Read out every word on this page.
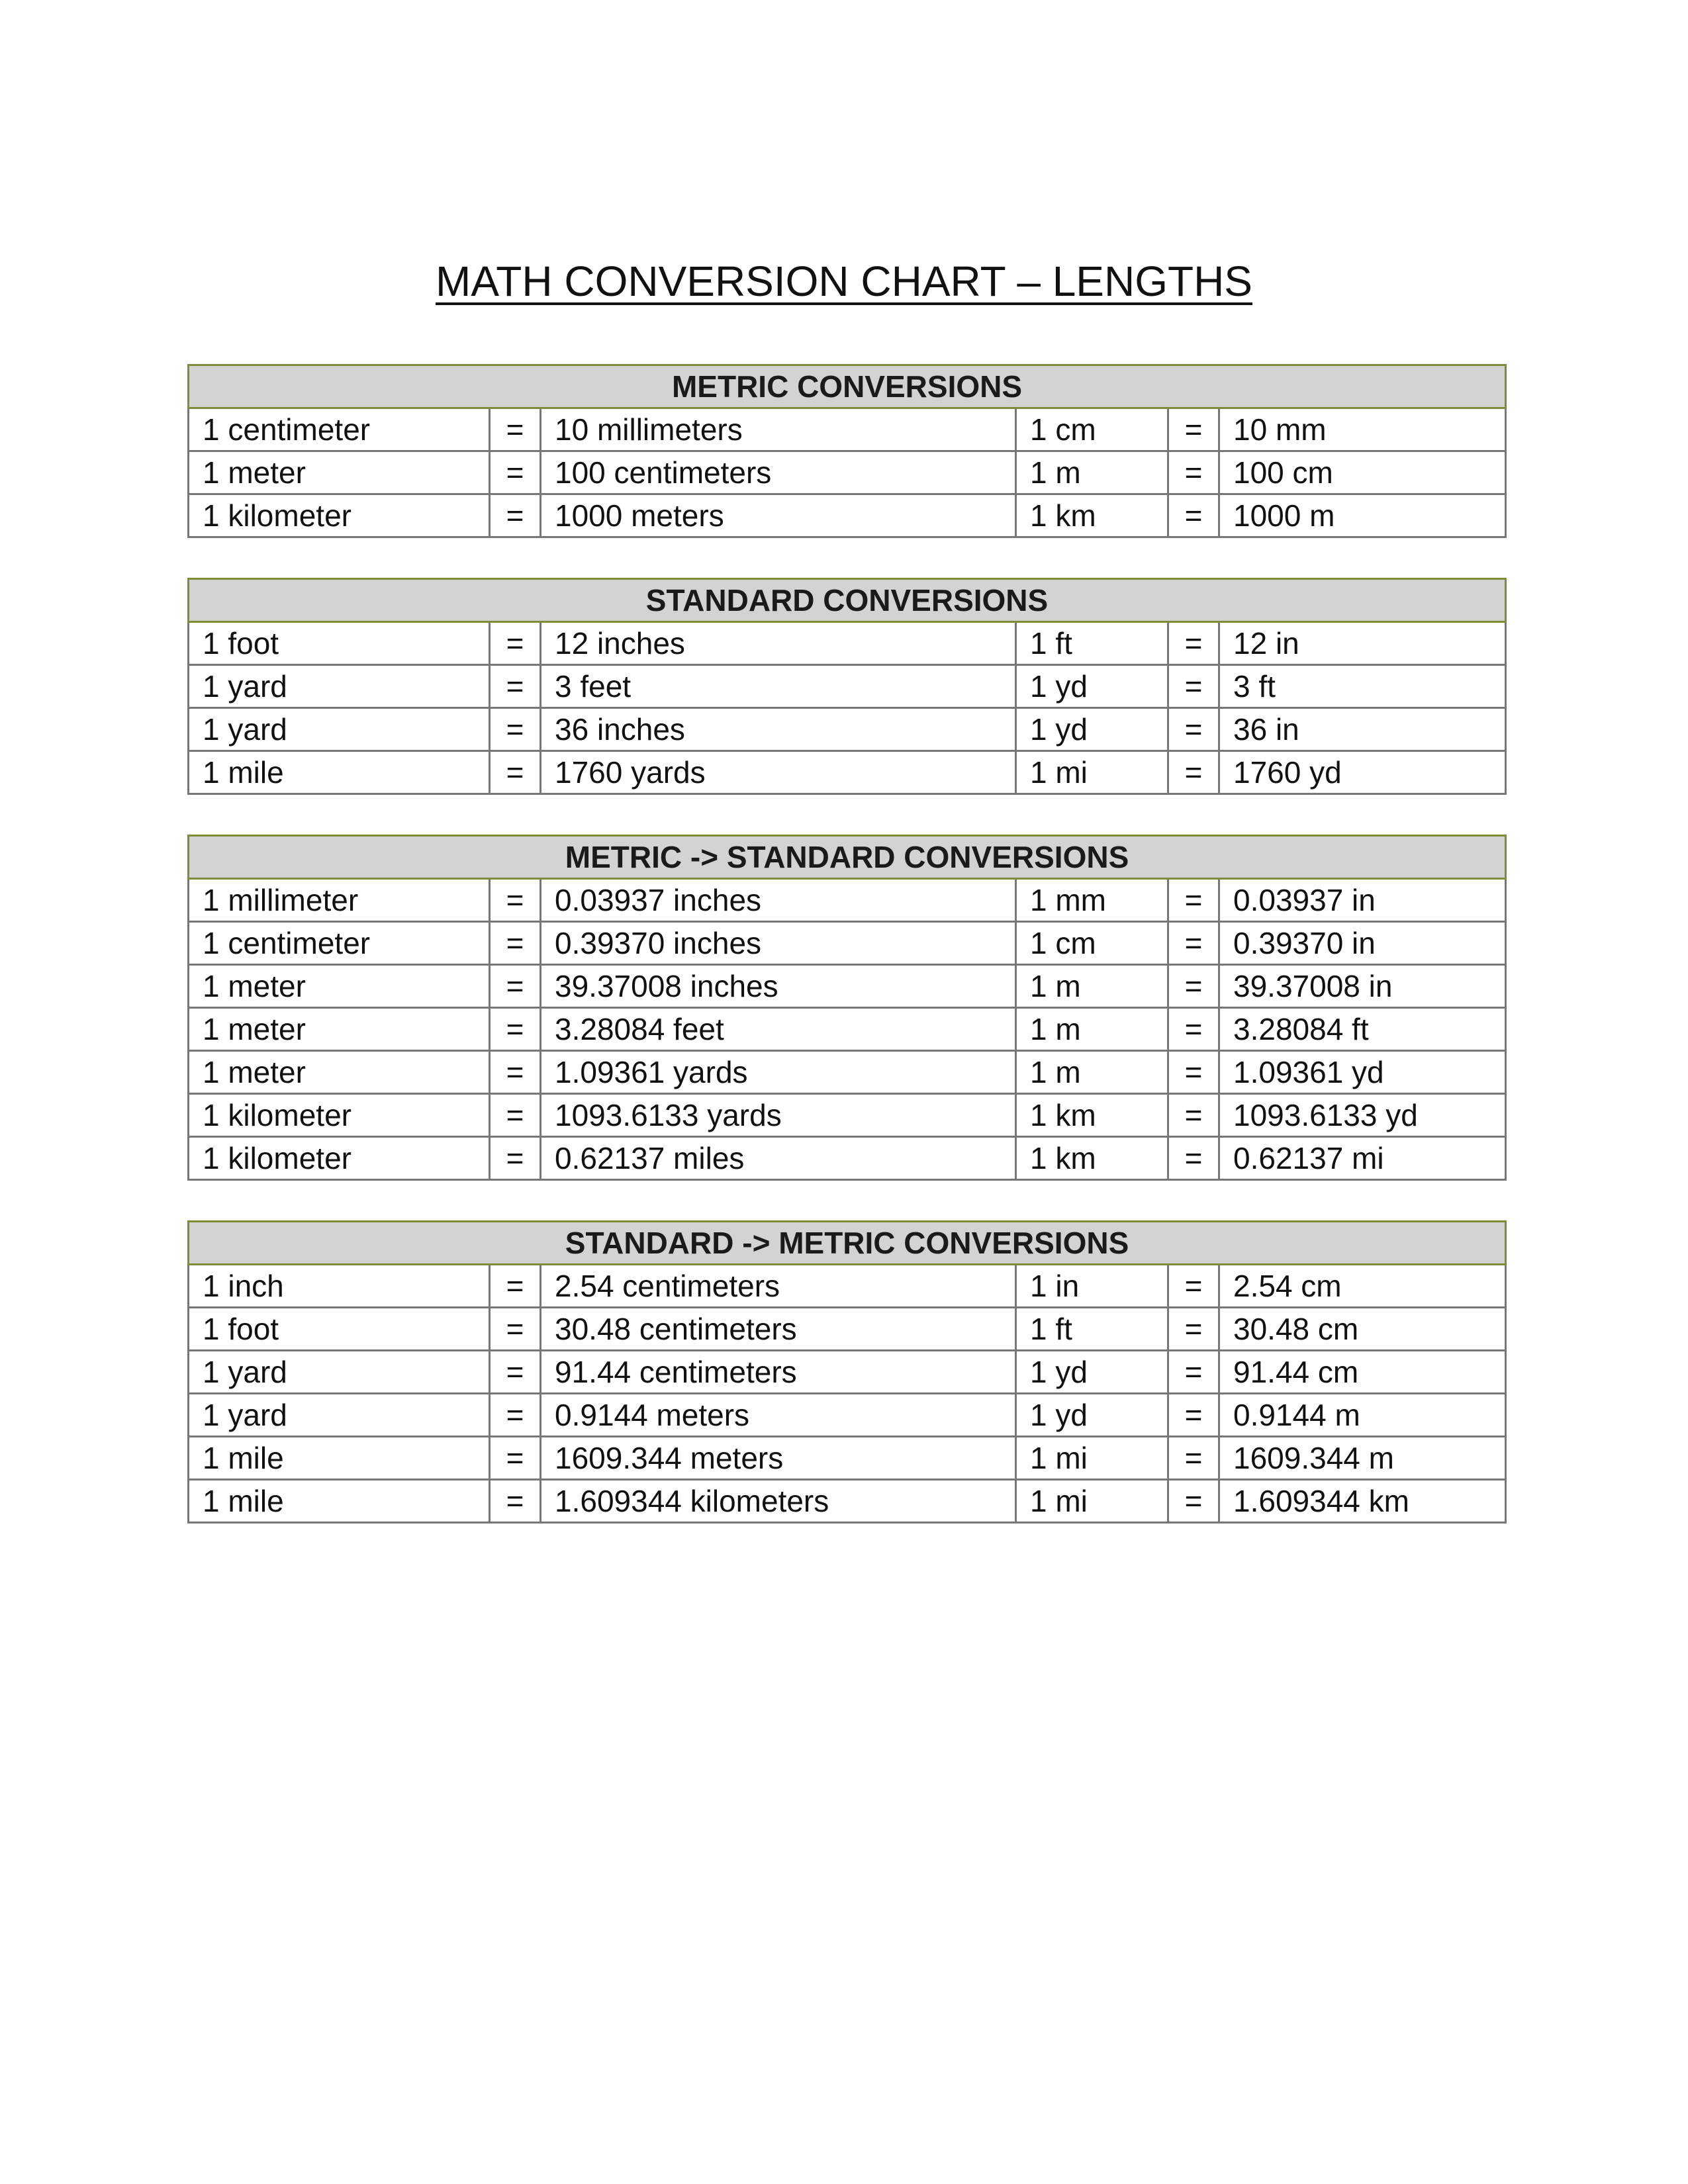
MATH CONVERSION CHART – LENGTHS
METRIC CONVERSIONS					
1 centimeter	=	10 millimeters	1 cm	=	10 mm
1 meter	=	100 centimeters	1 m	=	100 cm
1 kilometer	=	1000 meters	1 km	=	1000 m
STANDARD CONVERSIONS					
1 foot	=	12 inches	1 ft	=	12 in
1 yard	=	3 feet	1 yd	=	3 ft
1 yard	=	36 inches	1 yd	=	36 in
1 mile	=	1760 yards	1 mi	=	1760 yd
METRIC -> STANDARD CONVERSIONS					
1 millimeter	=	0.03937 inches	1 mm	=	0.03937 in
1 centimeter	=	0.39370 inches	1 cm	=	0.39370 in
1 meter	=	39.37008 inches	1 m	=	39.37008 in
1 meter	=	3.28084 feet	1 m	=	3.28084 ft
1 meter	=	1.09361 yards	1 m	=	1.09361 yd
1 kilometer	=	1093.6133 yards	1 km	=	1093.6133 yd
1 kilometer	=	0.62137 miles	1 km	=	0.62137 mi
STANDARD -> METRIC CONVERSIONS					
1 inch	=	2.54 centimeters	1 in	=	2.54 cm
1 foot	=	30.48 centimeters	1 ft	=	30.48 cm
1 yard	=	91.44 centimeters	1 yd	=	91.44 cm
1 yard	=	0.9144 meters	1 yd	=	0.9144 m
1 mile	=	1609.344 meters	1 mi	=	1609.344 m
1 mile	=	1.609344 kilometers	1 mi	=	1.609344 km
